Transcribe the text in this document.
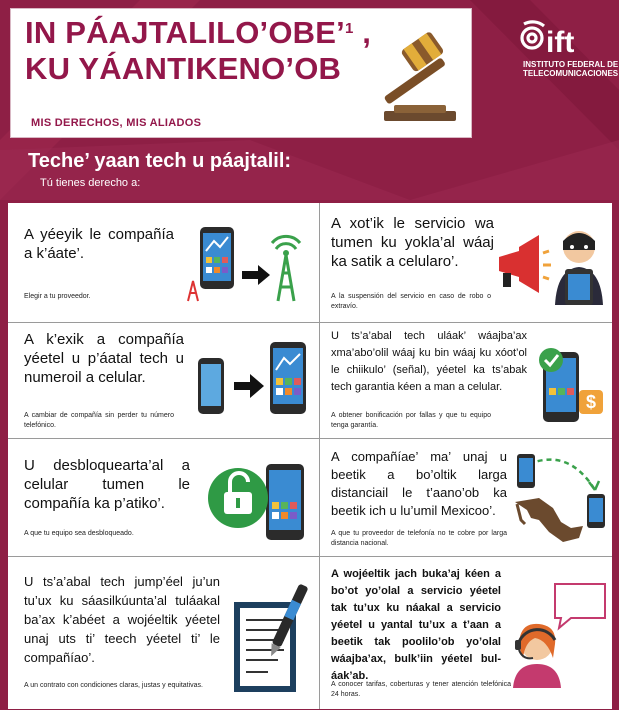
IN PÁAJTALILO’OBE’$^1$ ,
KU YÁANTIKENO’OB
MIS DERECHOS, MIS ALIADOS
ift
INSTITUTO FEDERAL DE
TELECOMUNICACIONES
Teche’ yaan tech u páajtalil:
Tú tienes derecho a:
A yéeyik le compañía a k’áate’.
Elegir a tu proveedor.
A xot’ik le servicio wa tumen ku yokla’al wáaj ka satik a celularo’.
A la suspensión del servicio en caso de robo o extravío.
A k’exik a compañía yéetel u p’áatal tech u numeroil a celular.
A cambiar de compañía sin perder tu número telefónico.
U ts’a’abal tech uláak’ wáajba’ax xma’abo’olil wáaj ku bin wáaj ku xóot’ol le chiikulo’ (señal), yéetel ka ts’abak tech garantia kéen a man a celular.
A obtener bonificación por fallas y que tu equipo tenga garantía.
$
U desbloquearta’al a celular tumen le compañía ka p’atiko’.
A que tu equipo sea desbloqueado.
A compañíae’ ma’ unaj u beetik a bo’oltik larga distanciail le t’aano’ob ka beetik ich u lu’umil Mexicoo’.
A que tu proveedor de telefonía no te cobre por larga distancia nacional.
U ts’a’abal tech jump’éel ju’un tu’ux ku sáasilkúunta’al tuláakal ba’ax k’abéet a wojéeltik yéetel unaj uts ti’ teech yéetel ti’ le compañíao’.
A un contrato con condiciones claras, justas y equitativas.
A wojéeltik jach buka’aj kéen a bo’ot yo’olal a servicio yéetel tak tu’ux ku náakal a servicio yéetel u yantal tu’ux a t’aan a beetik tak poolilo’ob yo’olal wáajba’ax, bulk’iin yéetel bul-áak’ab.
A conocer tarifas, coberturas y tener atención telefónica 24 horas.
